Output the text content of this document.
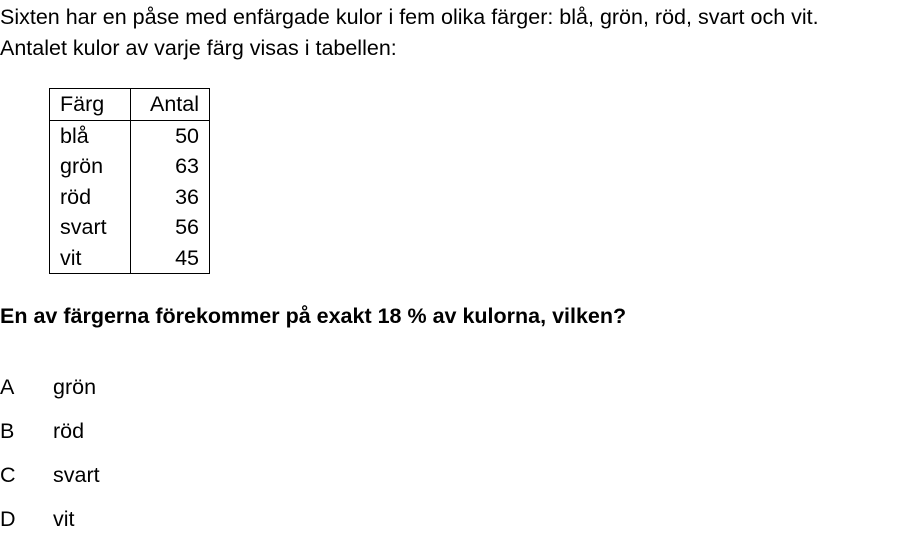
Sixten har en påse med enfärgade kulor i fem olika färger: blå, grön, röd, svart och vit.
Antalet kulor av varje färg visas i tabellen:

Färg	Antal
blå	50
grön	63
röd	36
svart	56
vit	45

En av färgerna förekommer på exakt 18 % av kulorna, vilken?

A	grön
B	röd
C	svart
D	vit
